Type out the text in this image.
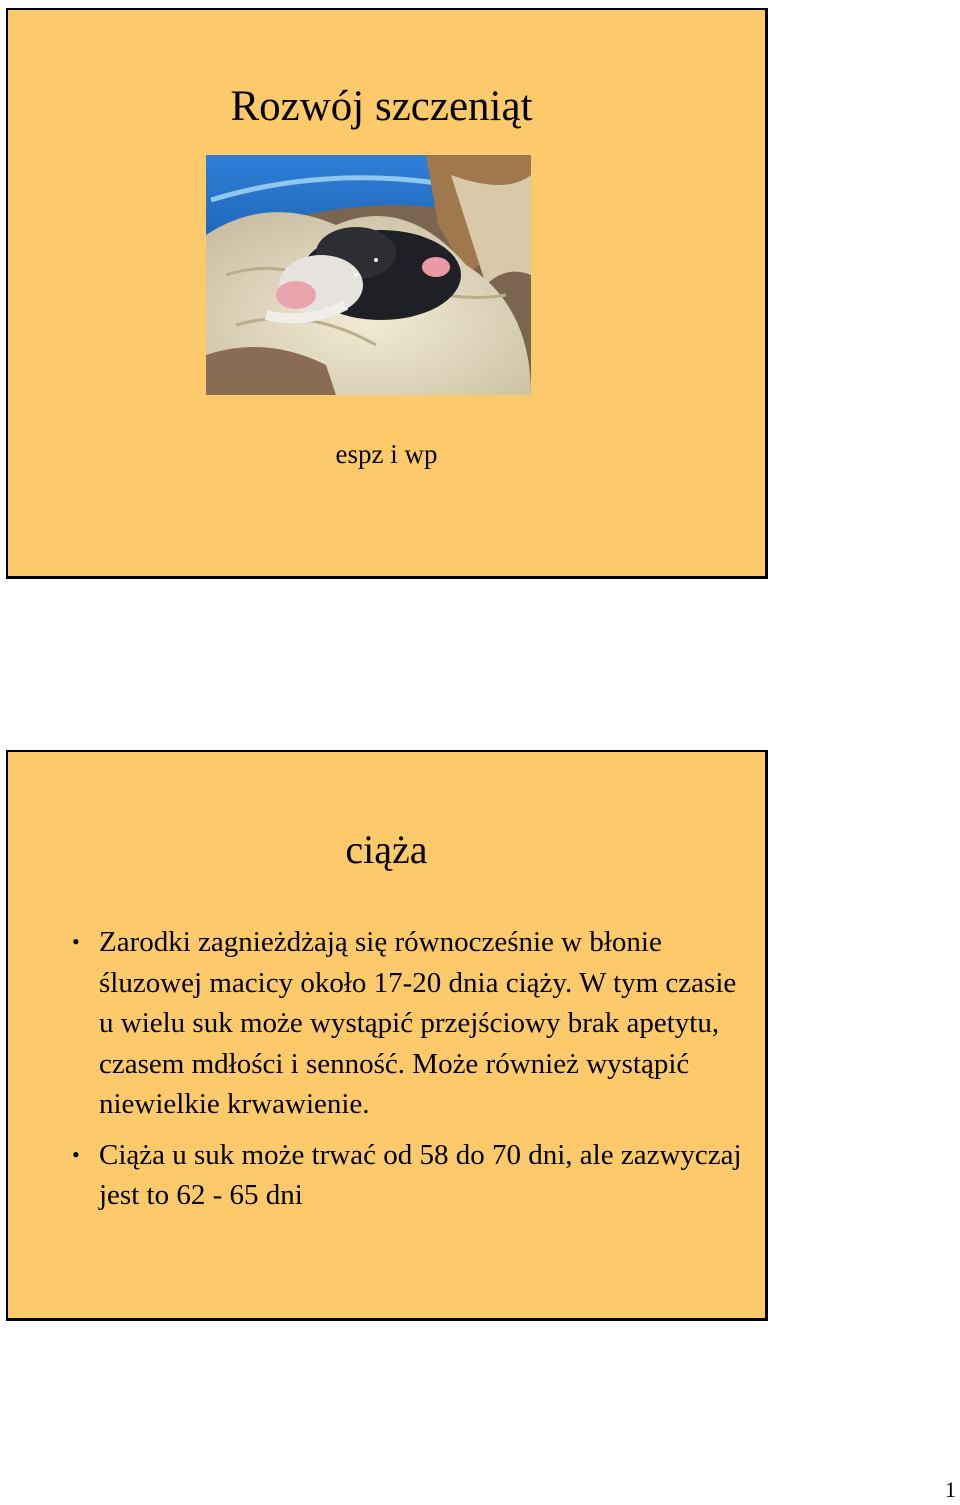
Rozwój szczeniąt
espz i wp
ciąża
• Zarodki zagnieżdżają się równocześnie w błonie śluzowej macicy około 17-20 dnia ciąży. W tym czasie u wielu suk może wystąpić przejściowy brak apetytu, czasem mdłości i senność. Może również wystąpić niewielkie krwawienie.
• Ciąża u suk może trwać od 58 do 70 dni, ale zazwyczaj jest to 62 - 65 dni
1
